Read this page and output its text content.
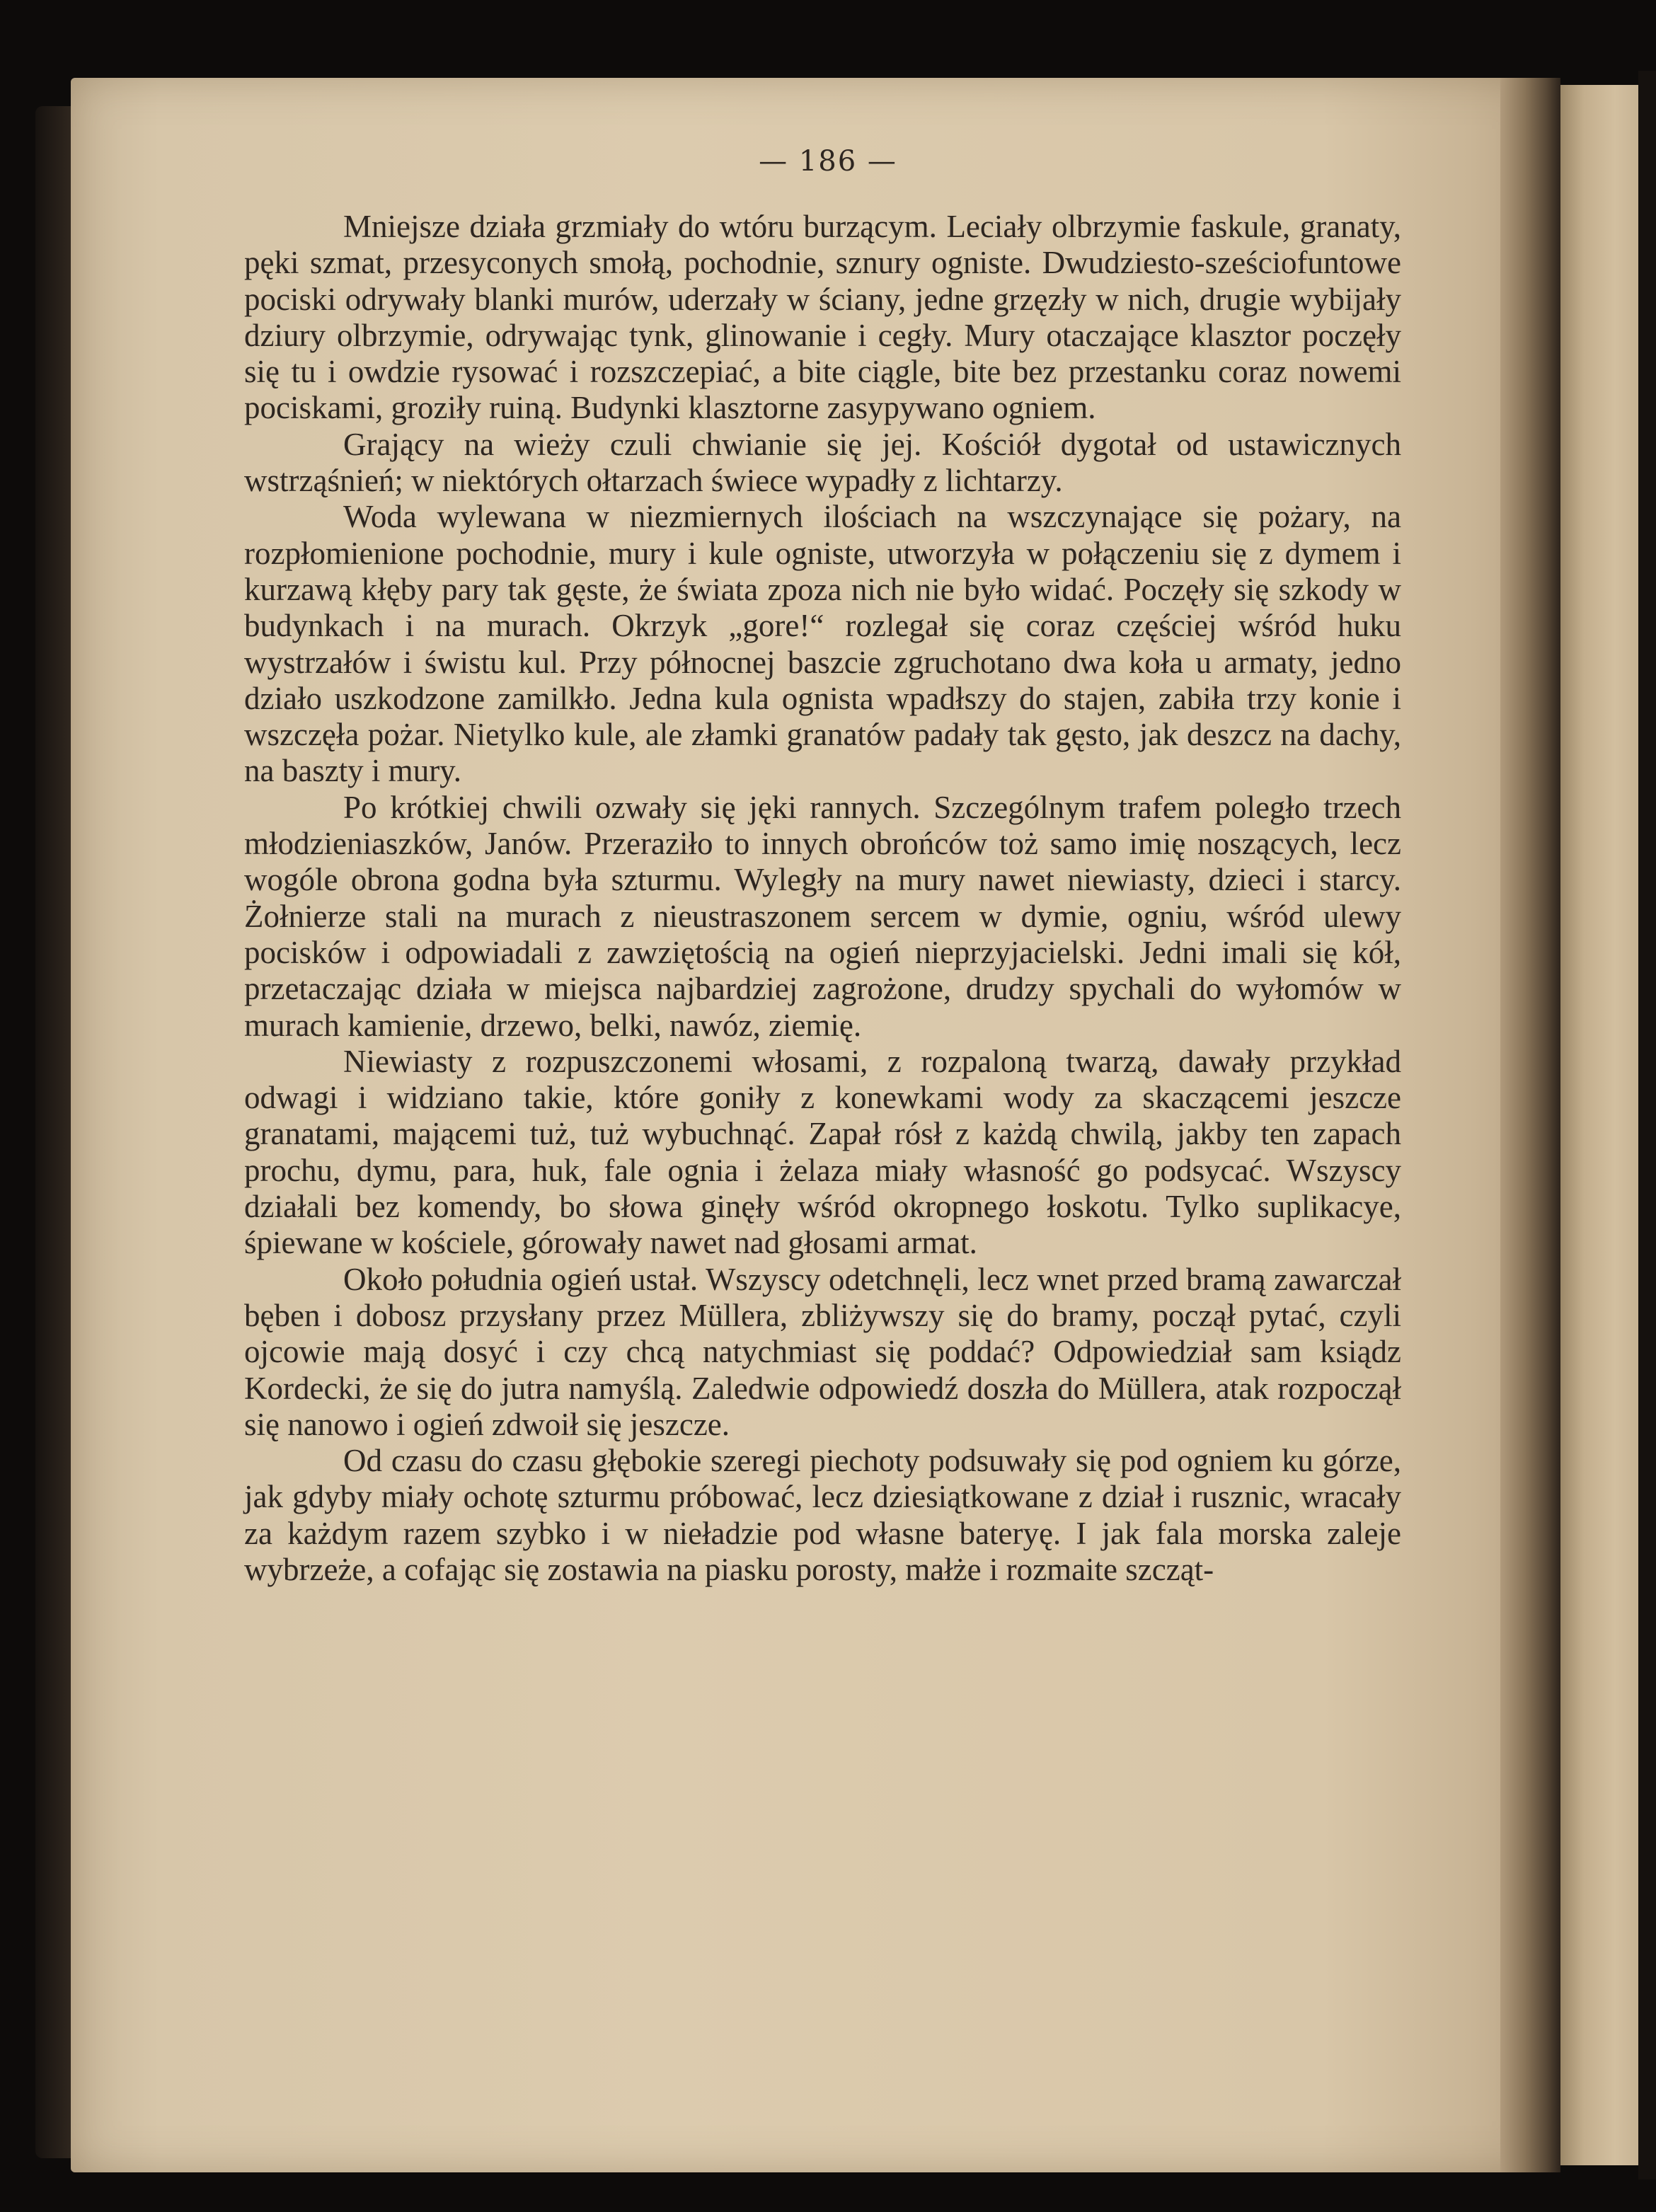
— 186 —

Mniejsze działa grzmiały do wtóru burzącym. Leciały olbrzymie faskule, granaty, pęki szmat, przesyconych smołą, pochodnie, sznury ogniste. Dwudziesto-sześciofuntowe pociski odrywały blanki murów, uderzały w ściany, jedne grzęzły w nich, drugie wybijały dziury olbrzymie, odrywając tynk, glinowanie i cegły. Mury otaczające klasztor poczęły się tu i owdzie rysować i rozszczepiać, a bite ciągle, bite bez przestanku coraz nowemi pociskami, groziły ruiną. Budynki klasztorne zasypywano ogniem.

Grający na wieży czuli chwianie się jej. Kościół dygotał od ustawicznych wstrząśnień; w niektórych ołtarzach świece wypadły z lichtarzy.

Woda wylewana w niezmiernych ilościach na wszczynające się pożary, na rozpłomienione pochodnie, mury i kule ogniste, utworzyła w połączeniu się z dymem i kurzawą kłęby pary tak gęste, że świata zpoza nich nie było widać. Poczęły się szkody w budynkach i na murach. Okrzyk „gore!“ rozlegał się coraz częściej wśród huku wystrzałów i świstu kul. Przy północnej baszcie zgruchotano dwa koła u armaty, jedno działo uszkodzone zamilkło. Jedna kula ognista wpadłszy do stajen, zabiła trzy konie i wszczęła pożar. Nietylko kule, ale złamki granatów padały tak gęsto, jak deszcz na dachy, na baszty i mury.

Po krótkiej chwili ozwały się jęki rannych. Szczególnym trafem poległo trzech młodzieniaszków, Janów. Przeraziło to innych obrońców toż samo imię noszących, lecz wogóle obrona godna była szturmu. Wyległy na mury nawet niewiasty, dzieci i starcy. Żołnierze stali na murach z nieustraszonem sercem w dymie, ogniu, wśród ulewy pocisków i odpowiadali z zawziętością na ogień nieprzyjacielski. Jedni imali się kół, przetaczając działa w miejsca najbardziej zagrożone, drudzy spychali do wyłomów w murach kamienie, drzewo, belki, nawóz, ziemię.

Niewiasty z rozpuszczonemi włosami, z rozpaloną twarzą, dawały przykład odwagi i widziano takie, które goniły z konewkami wody za skaczącemi jeszcze granatami, mającemi tuż, tuż wybuchnąć. Zapał rósł z każdą chwilą, jakby ten zapach prochu, dymu, para, huk, fale ognia i żelaza miały własność go podsycać. Wszyscy działali bez komendy, bo słowa ginęły wśród okropnego łoskotu. Tylko suplikacye, śpiewane w kościele, górowały nawet nad głosami armat.

Około południa ogień ustał. Wszyscy odetchnęli, lecz wnet przed bramą zawarczał bęben i dobosz przysłany przez Müllera, zbliżywszy się do bramy, począł pytać, czyli ojcowie mają dosyć i czy chcą natychmiast się poddać? Odpowiedział sam ksiądz Kordecki, że się do jutra namyślą. Zaledwie odpowiedź doszła do Müllera, atak rozpoczął się nanowo i ogień zdwoił się jeszcze.

Od czasu do czasu głębokie szeregi piechoty podsuwały się pod ogniem ku górze, jak gdyby miały ochotę szturmu próbować, lecz dziesiątkowane z dział i rusznic, wracały za każdym razem szybko i w nieładzie pod własne bateryę. I jak fala morska zaleje wybrzeże, a cofając się zostawia na piasku porosty, małże i rozmaite szcząt-
